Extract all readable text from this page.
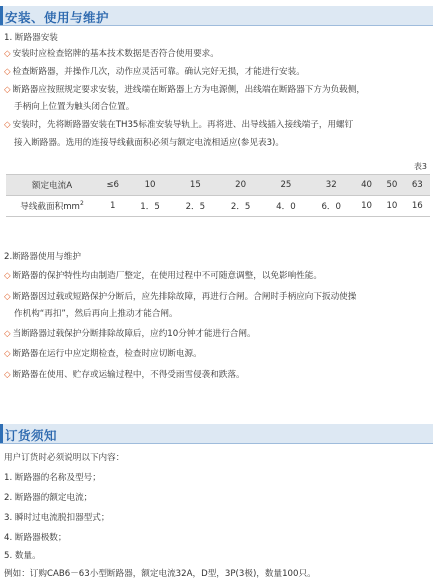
安装、使用与维护
1. 断路器安装
◇ 安装时应检查铭牌的基本技术数据是否符合使用要求。
◇ 检查断路器，并操作几次，动作应灵活可靠。确认完好无损，才能进行安装。
◇ 断路器应按照规定要求安装，进线端在断路器上方为电源侧，出线端在断路器下方为负载侧，
手柄向上位置为触头闭合位置。
◇ 安装时，先将断路器安装在TH35标准安装导轨上。再将进、出导线插入接线端子，用螺钉
接入断路器。选用的连接导线截面积必须与额定电流相适应(参见表3)。
表3
额定电流A	≤6	10	15	20	25	32	40	50	63
导线截面积$mm^2$	1	1．5	2．5	2．5	4．0	6．0	10	10	16
2.断路器使用与维护
◇ 断路器的保护特性均由制造厂整定，在使用过程中不可随意调整，以免影响性能。
◇ 断路器因过载或短路保护分断后，应先排除故障，再进行合闸。合闸时手柄应向下扳动使操
作机构“再扣”，然后再向上推动才能合闸。
◇ 当断路器过载保护分断排除故障后，应约10分钟才能进行合闸。
◇ 断路器在运行中应定期检查，检查时应切断电源。
◇ 断路器在使用、贮存或运输过程中，不得受雨雪侵袭和跌落。
订货须知
用户订货时必须说明以下内容：
1. 断路器的名称及型号；
2. 断路器的额定电流；
3. 瞬时过电流脱扣器型式；
4. 断路器极数；
5. 数量。
例如：订购CAB6－63小型断路器，额定电流32A，D型，3P(3极)，数量100只。
